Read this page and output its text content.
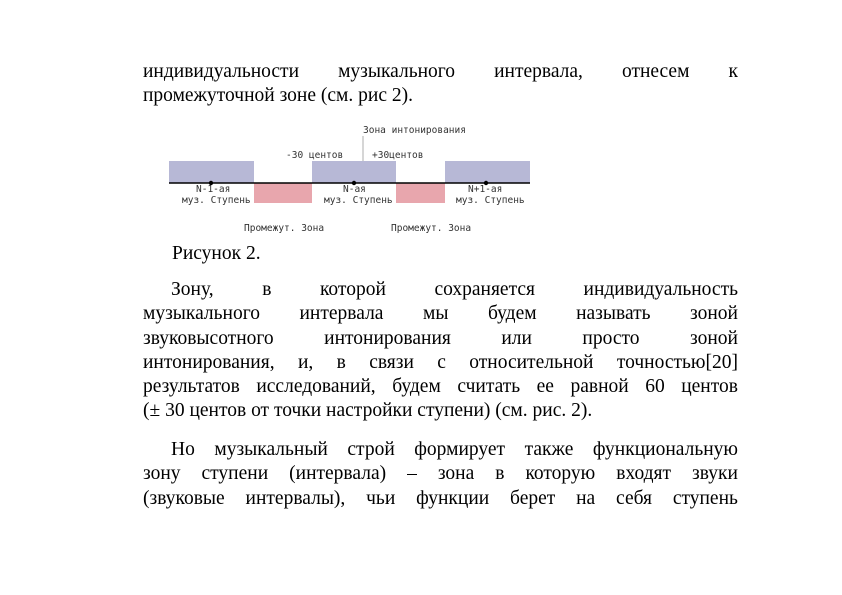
индивидуальности музыкального интервала, отнесем к
промежуточной зоне (см. рис 2).
Зона интонирования
-30 центов	+30центов
N-1-ая
муз. Ступень
N-ая
муз. Ступень
N+1-ая
муз. Ступень
Промежут. Зона	Промежут. Зона
Рисунок 2.
Зону, в которой сохраняется индивидуальность
музыкального интервала мы будем называть зоной
звуковысотного	интонирования	или	просто	зоной
интонирования, и, в связи с относительной точностью[20]
результатов исследований, будем считать ее равной 60 центов
(± 30 центов от точки настройки ступени) (см. рис. 2).
Но музыкальный строй формирует также функциональную
зону ступени (интервала) – зона в которую входят звуки
(звуковые интервалы), чьи функции берет на себя ступень
